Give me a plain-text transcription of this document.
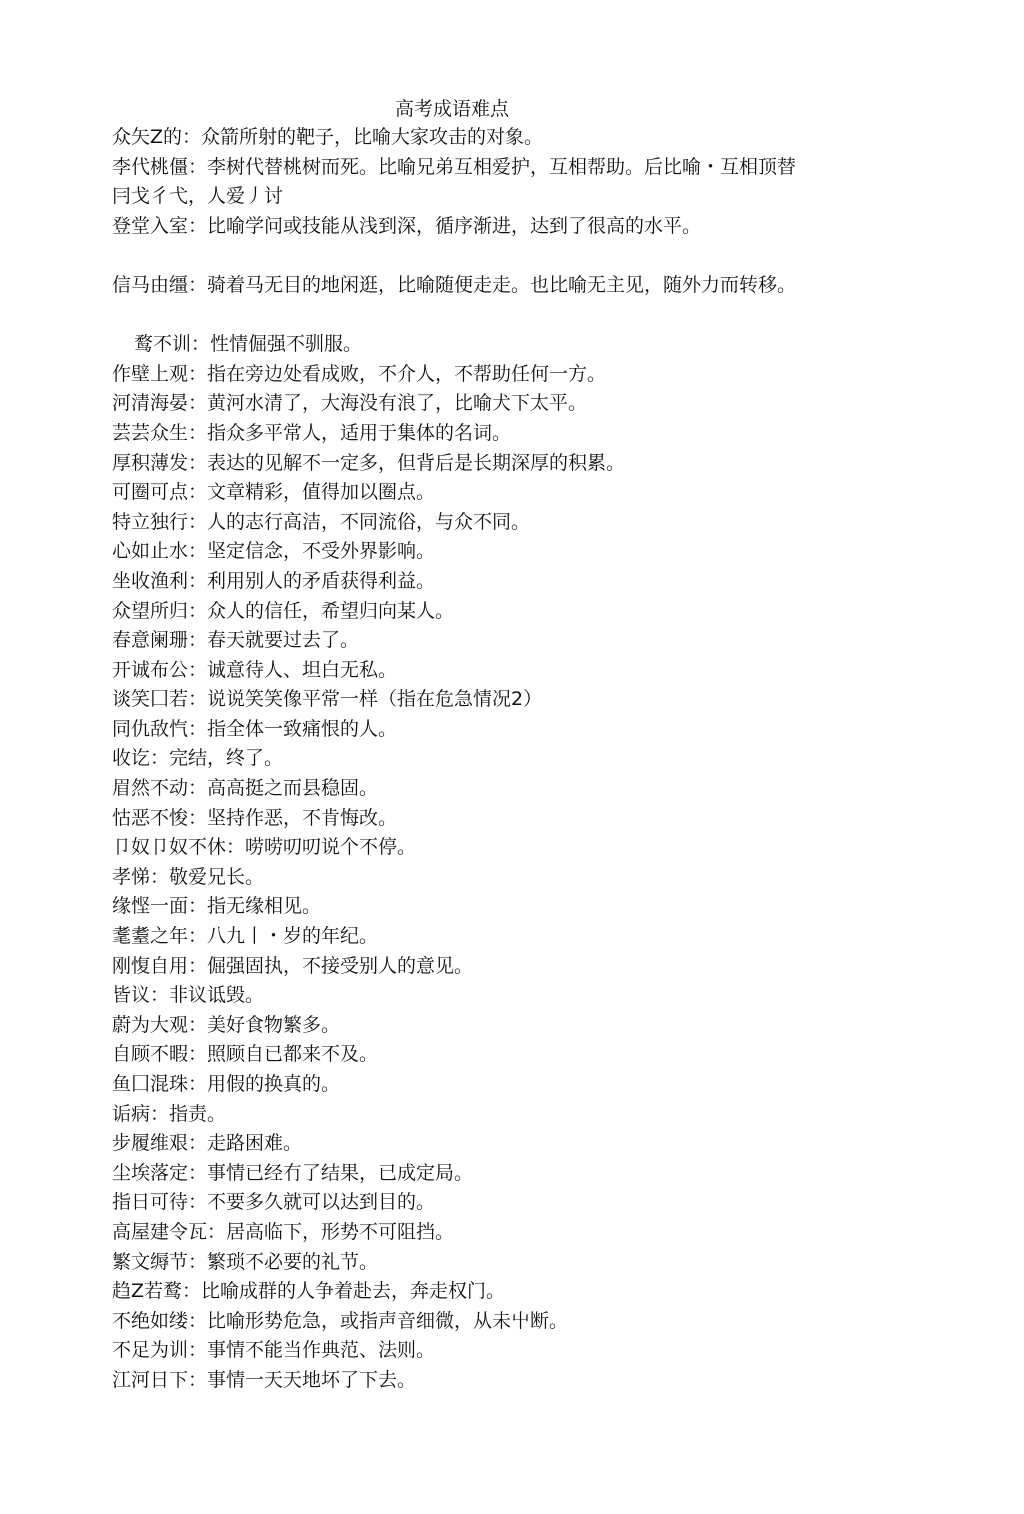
高考成语难点
众矢Z的：众箭所射的靶子，比喻大家攻击的对象。
李代桃僵：李树代替桃树而死。比喻兄弟互相爱护，互相帮助。后比喻・互相顶替
冃戈彳弋，人爱丿讨
登堂入室：比喻学问或技能从浅到深，循序渐进，达到了很高的水平。
信马由缰：骑着马无目的地闲逛，比喻随便走走。也比喻无主见，随外力而转移。
鹜不训：性情倔强不驯服。
作壁上观：指在旁边处看成败，不介人，不帮助任何一方。
河清海晏：黄河水清了，大海没有浪了，比喻犬下太平。
芸芸众生：指众多平常人，适用于集体的名词。
厚积薄发：表达的见解不一定多，但背后是长期深厚的积累。
可圈可点：文章精彩，值得加以圈点。
特立独行：人的志行高洁，不同流俗，与众不同。
心如止水：坚定信念，不受外界影响。
坐收渔利：利用别人的矛盾获得利益。
众望所归：众人的信任，希望归向某人。
春意阑珊：春天就要过去了。
开诚布公：诚意待人、坦白无私。
谈笑囗若：说说笑笑像平常一样（指在危急情况2）
同仇敌忾：指全体一致痛恨的人。
收讫：完结，终了。
眉然不动：高高挺之而县稳固。
怙恶不悛：坚持作恶，不肯悔改。
卩奴卩奴不休：唠唠叨叨说个不停。
孝悌：敬爱兄长。
缘悭一面：指无缘相见。
耄耋之年：八九丨・岁的年纪。
刚愎自用：倔强固执，不接受别人的意见。
皆议：非议诋毁。
蔚为大观：美好食物繁多。
自顾不暇：照顾自已都来不及。
鱼囗混珠：用假的换真的。
诟病：指责。
步履维艰：走路困难。
尘埃落定：事情已经冇了结果，已成定局。
指日可待：不要多久就可以达到目的。
高屋建令瓦：居高临下，形势不可阻挡。
繁文缛节：繁琐不必要的礼节。
趋Z若鹜：比喻成群的人争着赴去，奔走权门。
不绝如缕：比喻形势危急，或指声音细微，从未屮断。
不足为训：事情不能当作典范、法则。
江河日下：事情一天天地坏了下去。
